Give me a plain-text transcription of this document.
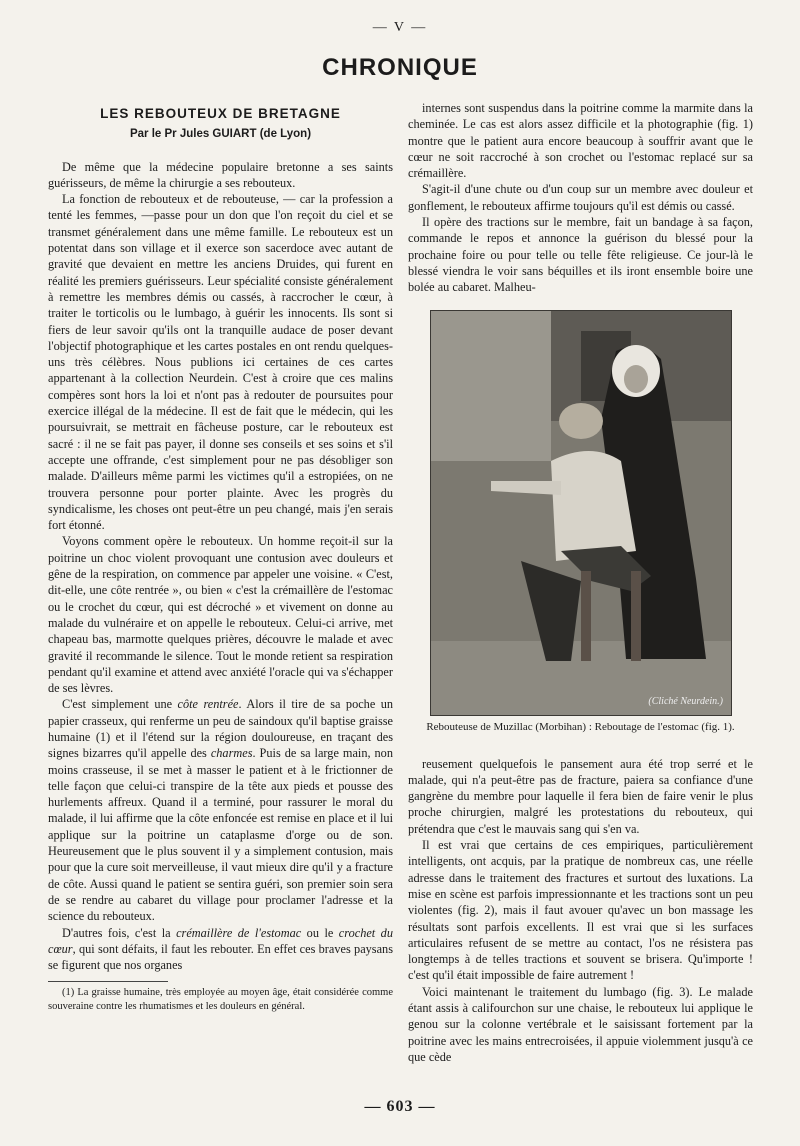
— V —
CHRONIQUE
LES REBOUTEUX DE BRETAGNE
Par le Pr Jules GUIART (de Lyon)

De même que la médecine populaire bretonne a ses saints guérisseurs, de même la chirurgie a ses rebouteux.

La fonction de rebouteux et de rebouteuse, — car la profession a tenté les femmes, —passe pour un don que l'on reçoit du ciel et se transmet généralement dans une même famille. Le rebouteux est un potentat dans son village et il exerce son sacerdoce avec autant de gravité que devaient en mettre les anciens Druides, qui furent en réalité les premiers guérisseurs. Leur spécialité consiste généralement à remettre les membres démis ou cassés, à raccrocher le cœur, à traiter le torticolis ou le lumbago, à guérir les innocents. Ils sont si fiers de leur savoir qu'ils ont la tranquille audace de poser devant l'objectif photographique et les cartes postales en ont rendu quelques-uns très célèbres. Nous publions ici certaines de ces cartes appartenant à la collection Neurdein. C'est à croire que ces malins compères sont hors la loi et n'ont pas à redouter de poursuites pour exercice illégal de la médecine. Il est de fait que le médecin, qui les poursuivrait, se mettrait en fâcheuse posture, car le rebouteux est sacré : il ne se fait pas payer, il donne ses conseils et ses soins et s'il accepte une offrande, c'est simplement pour ne pas désobliger son malade. D'ailleurs même parmi les victimes qu'il a estropiées, on ne trouvera personne pour porter plainte. Avec les progrès du syndicalisme, les choses ont peut-être un peu changé, mais j'en serais fort étonné.

Voyons comment opère le rebouteux. Un homme reçoit-il sur la poitrine un choc violent provoquant une contusion avec douleurs et gêne de la respiration, on commence par appeler une voisine. « C'est, dit-elle, une côte rentrée », ou bien « c'est la crémaillère de l'estomac ou le crochet du cœur, qui est décroché » et vivement on donne au malade du vulnéraire et on appelle le rebouteux. Celui-ci arrive, met chapeau bas, marmotte quelques prières, découvre le malade et avec gravité il recommande le silence. Tout le monde retient sa respiration pendant qu'il examine et attend avec anxiété l'oracle qui va s'échapper de ses lèvres.

C'est simplement une côte rentrée. Alors il tire de sa poche un papier crasseux, qui renferme un peu de saindoux qu'il baptise graisse humaine (1) et il l'étend sur la région douloureuse, en traçant des signes bizarres qu'il appelle des charmes. Puis de sa large main, non moins crasseuse, il se met à masser le patient et à le frictionner de telle façon que celui-ci transpire de la tête aux pieds et pousse des hurlements affreux. Quand il a terminé, pour rassurer le moral du malade, il lui affirme que la côte enfoncée est remise en place et il lui applique sur la poitrine un cataplasme d'orge ou de son. Heureusement que le plus souvent il y a simplement contusion, mais pour que la cure soit merveilleuse, il vaut mieux dire qu'il y a fracture de côte. Aussi quand le patient se sentira guéri, son premier soin sera de se rendre au cabaret du village pour proclamer l'adresse et la science du rebouteux.

D'autres fois, c'est la crémaillère de l'estomac ou le crochet du cœur, qui sont défaits, il faut les rebouter. En effet ces braves paysans se figurent que nos organes

(1) La graisse humaine, très employée au moyen âge, était considérée comme souveraine contre les rhumatismes et les douleurs en général.

internes sont suspendus dans la poitrine comme la marmite dans la cheminée. Le cas est alors assez difficile et la photographie (fig. 1) montre que le patient aura encore beaucoup à souffrir avant que le cœur ne soit raccroché à son crochet ou l'estomac replacé sur sa crémaillère.

S'agit-il d'une chute ou d'un coup sur un membre avec douleur et gonflement, le rebouteux affirme toujours qu'il est démis ou cassé.

Il opère des tractions sur le membre, fait un bandage à sa façon, commande le repos et annonce la guérison du blessé pour la prochaine foire ou pour telle ou telle fête religieuse. Ce jour-là le blessé viendra le voir sans béquilles et ils iront ensemble boire une bolée au cabaret. Malheu-

(Cliché Neurdein.)
Rebouteuse de Muzillac (Morbihan) : Reboutage de l'estomac (fig. 1).

reusement quelquefois le pansement aura été trop serré et le malade, qui n'a peut-être pas de fracture, paiera sa confiance d'une gangrène du membre pour laquelle il fera bien de faire venir le plus proche chirurgien, malgré les protestations du rebouteux, qui prétendra que c'est le mauvais sang qui s'en va.

Il est vrai que certains de ces empiriques, particulièrement intelligents, ont acquis, par la pratique de nombreux cas, une réelle adresse dans le traitement des fractures et surtout des luxations. La mise en scène est parfois impressionnante et les tractions sont un peu violentes (fig. 2), mais il faut avouer qu'avec un bon massage les résultats sont parfois excellents. Il est vrai que si les surfaces articulaires refusent de se mettre au contact, l'os ne résistera pas longtemps à de telles tractions et souvent se brisera. Qu'importe ! c'est qu'il était impossible de faire autrement !

Voici maintenant le traitement du lumbago (fig. 3). Le malade étant assis à califourchon sur une chaise, le rebouteux lui applique le genou sur la colonne vertébrale et le saisissant fortement par la poitrine avec les mains entrecroisées, il appuie violemment jusqu'à ce que cède

— 603 —
